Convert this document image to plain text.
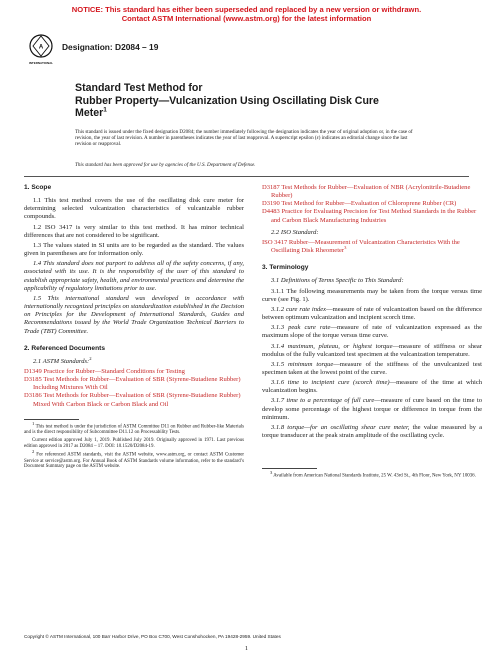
NOTICE: This standard has either been superseded and replaced by a new version or withdrawn.
Contact ASTM International (www.astm.org) for the latest information
A
INTERNATIONAL
Designation: D2084 – 19
Standard Test Method for
Rubber Property—Vulcanization Using Oscillating Disk Cure
Meter$^1$
This standard is issued under the fixed designation D2084; the number immediately following the designation indicates the year of original adoption or, in the case of revision, the year of last revision. A number in parentheses indicates the year of last reapproval. A superscript epsilon (ε) indicates an editorial change since the last revision or reapproval.
This standard has been approved for use by agencies of the U.S. Department of Defense.
1. Scope

1.1 This test method covers the use of the oscillating disk cure meter for determining selected vulcanization characteristics of vulcanizable rubber compounds.

1.2 ISO 3417 is very similar to this test method. It has minor technical differences that are not considered to be significant.

1.3 The values stated in SI units are to be regarded as the standard. The values given in parentheses are for information only.

1.4 This standard does not purport to address all of the safety concerns, if any, associated with its use. It is the responsibility of the user of this standard to establish appropriate safety, health, and environmental practices and determine the applicability of regulatory limitations prior to use.

1.5 This international standard was developed in accordance with internationally recognized principles on standardization established in the Decision on Principles for the Development of International Standards, Guides and Recommendations issued by the World Trade Organization Technical Barriers to Trade (TBT) Committee.

2. Referenced Documents

2.1 ASTM Standards:$^2$

D1349 Practice for Rubber—Standard Conditions for Testing

D3185 Test Methods for Rubber—Evaluation of SBR (Styrene-Butadiene Rubber) Including Mixtures With Oil

D3186 Test Methods for Rubber—Evaluation of SBR (Styrene-Butadiene Rubber) Mixed With Carbon Black or Carbon Black and Oil

$^1$ This test method is under the jurisdiction of ASTM Committee D11 on Rubber and Rubber-like Materials and is the direct responsibility of Subcommittee D11.12 on Processability Tests.

Current edition approved July 1, 2019. Published July 2019. Originally approved in 1971. Last previous edition approved in 2017 as D2084 – 17. DOI: 10.1520/D2084-19.

$^2$ For referenced ASTM standards, visit the ASTM website, www.astm.org, or contact ASTM Customer Service at service@astm.org. For Annual Book of ASTM Standards volume information, refer to the standard’s Document Summary page on the ASTM website.

D3187 Test Methods for Rubber—Evaluation of NBR (Acrylonitrile-Butadiene Rubber)

D3190 Test Method for Rubber—Evaluation of Chloroprene Rubber (CR)

D4483 Practice for Evaluating Precision for Test Method Standards in the Rubber and Carbon Black Manufacturing Industries

2.2 ISO Standard:

ISO 3417 Rubber—Measurement of Vulcanization Characteristics With the Oscillating Disk Rheometer$^3$

3. Terminology

3.1 Definitions of Terms Specific to This Standard:

3.1.1 The following measurements may be taken from the torque versus time curve (see Fig. 1).

3.1.2 cure rate index—measure of rate of vulcanization based on the difference between optimum vulcanization and incipient scorch time.

3.1.3 peak cure rate—measure of rate of vulcanization expressed as the maximum slope of the torque versus time curve.

3.1.4 maximum, plateau, or highest torque—measure of stiffness or shear modulus of the fully vulcanized test specimen at the vulcanization temperature.

3.1.5 minimum torque—measure of the stiffness of the unvulcanized test specimen taken at the lowest point of the curve.

3.1.6 time to incipient cure (scorch time)—measure of the time at which vulcanization begins.

3.1.7 time to a percentage of full cure—measure of cure based on the time to develop some percentage of the highest torque or difference in torque from the minimum.

3.1.8 torque—for an oscillating shear cure meter, the value measured by a torque transducer at the peak strain amplitude of the oscillating cycle.

$^3$ Available from American National Standards Institute, 25 W. 43rd St., 4th Floor, New York, NY 10036.

Copyright © ASTM International, 100 Barr Harbor Drive, PO Box C700, West Conshohocken, PA 19428-2959. United States
1
